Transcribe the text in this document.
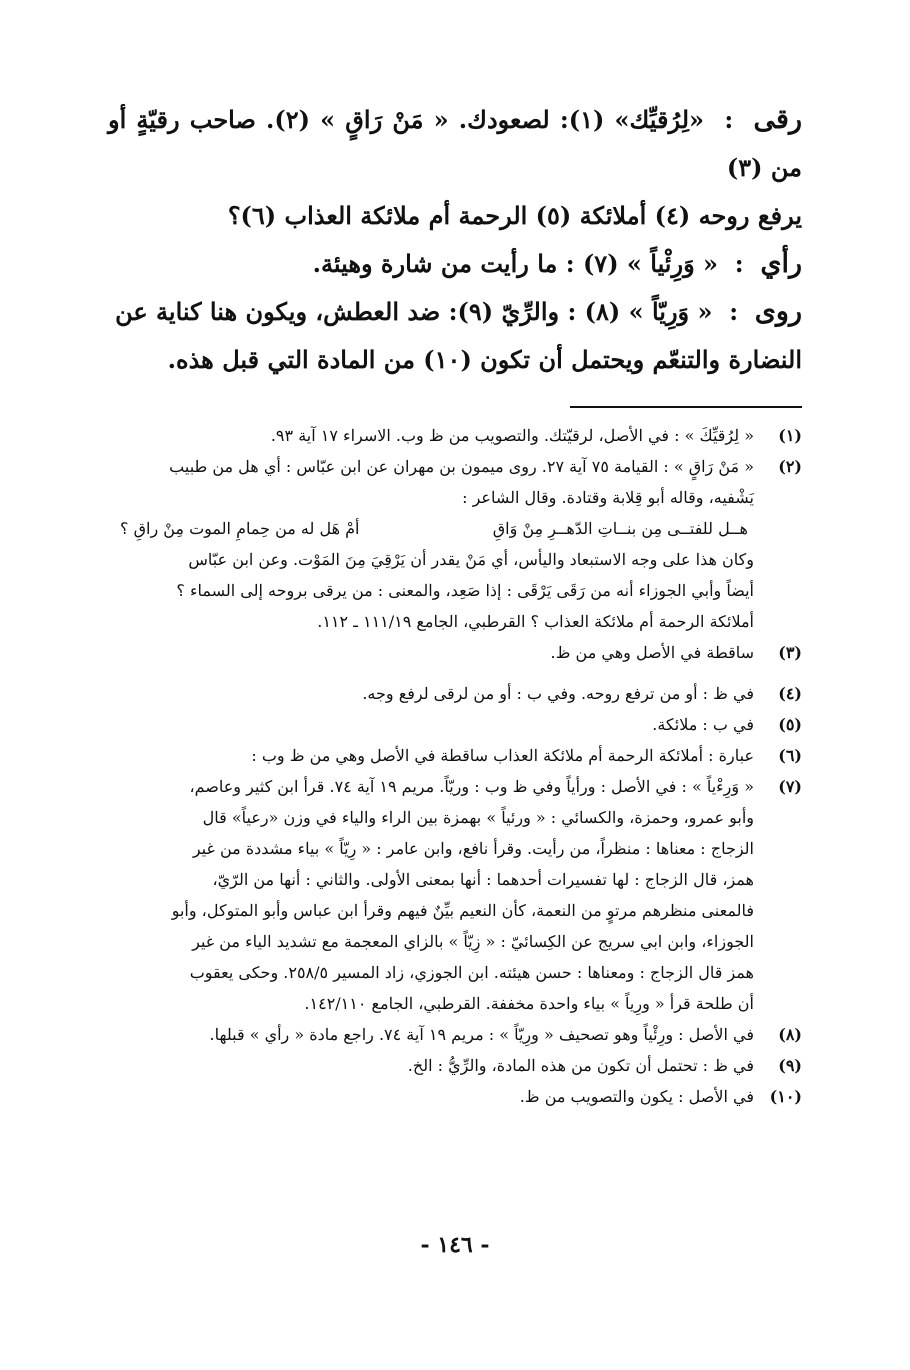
رقى  :  «لِرُقيِّك» (١): لصعودك. « مَنْ رَاقٍ » (٢). صاحب رقيّةٍ أو من (٣)
يرفع روحه (٤) أملائكة (٥) الرحمة أم ملائكة العذاب (٦)؟

رأي  :  « وَرِئْياً » (٧) : ما رأيت من شارة وهيئة.

روى  :  « وَرِيّاً » (٨) : والرِّيّ (٩): ضد العطش، ويكون هنا كناية عن
النضارة والتنعّم ويحتمل أن تكون (١٠) من المادة التي قبل هذه.

(١)
« لِرُقيِّكَ » : في الأصل، لرقيّتك. والتصويب من ظ وب. الاسراء ١٧ آية ٩٣.
(٢)
« مَنْ رَاقٍ » : القيامة ٧٥ آية ٢٧. روى ميمون بن مهران عن ابن عبّاس : أي هل من طبيب
يَشْفيه، وقاله أبو قِلابة وقتادة. وقال الشاعر :
هــل للفتــى مِن بنــاتِ الدّهــرِ مِنْ وَاقِ
أمْ هَل له من حِمامِ الموت مِنْ راقِ ؟
وكان هذا على وجه الاستبعاد واليأس، أي مَنْ يقدر أن يَرْقِيَ مِنَ المَوْت. وعن ابن عبّاس
أيضاً وأبي الجوزاء أنه من رَقَى يَرْقَى : إذا صَعِد، والمعنى : من يرقى بروحه إلى السماء ؟
أملائكة الرحمة أم ملائكة العذاب ؟ القرطبي، الجامع ١١١/١٩ ـ ١١٢.
(٣)
ساقطة في الأصل وهي من ظ.
(٤)
في ظ : أو من ترفع روحه. وفي ب : أو من لرقى لرفع وجه.
(٥)
في ب : ملائكة.
(٦)
عبارة : أملائكة الرحمة أم ملائكة العذاب ساقطة في الأصل وهي من ظ وب :
(٧)
« وَرِءْياً » : في الأصل : ورأياً وفي ظ وب : وريّاً. مريم ١٩ آية ٧٤. قرأ ابن كثير وعاصم،
وأبو عمرو، وحمزة، والكسائي : « ورئياً » بهمزة بين الراء والياء في وزن «رعياً» قال
الزجاج : معناها : منظراً، من رأيت. وقرأ نافع، وابن عامر : « رِيّاً » بياء مشددة من غير
همز، قال الزجاج : لها تفسيرات أحدهما : أنها بمعنى الأولى. والثاني : أنها من الرّيّ،
فالمعنى منظرهم مرتوٍ من النعمة، كأن النعيم بيِّنٌ فيهم وقرأ ابن عباس وأبو المتوكل، وأبو
الجوزاء، وابن ابي سريج عن الكِسائيّ : « زِيّاً » بالزاي المعجمة مع تشديد الياء من غير
همز قال الزجاج : ومعناها : حسن هيئته. ابن الجوزي، زاد المسير ٢٥٨/٥. وحكى يعقوب
أن طلحة قرأ « ورِياً » بياء واحدة مخففة. القرطبي، الجامع ١٤٢/١١٠.
(٨)
في الأصل : ورِئْياً وهو تصحيف « ورِيّاً » : مريم ١٩ آية ٧٤. راجع مادة « رأي » قبلها.
(٩)
في ظ : تحتمل أن تكون من هذه المادة، والرِّيُّ : الخ.
(١٠)
في الأصل : يكون والتصويب من ظ.
- ١٤٦ -
